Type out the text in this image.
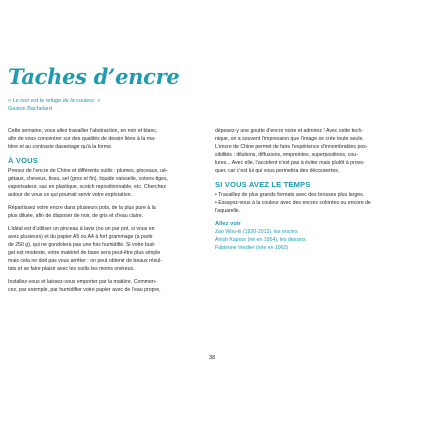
Taches d’encre
« Le noir est le refuge de la couleur. »
Gaston Bachelard

Cette semaine, vous allez travailler l’abstraction, en noir et blanc,
afin de vous concentrer sur des qualités de dessin liées à la ma-
tière et au contraste davantage qu’à la forme.

À VOUS

Prenez de l’encre de Chine et différents outils : plumes, pinceaux, ué-
gétaux, cheveux, tissu, sel (gros et fin), liquide vaisselle, cotons-tiges,
vaporisateur, sac en plastique, scotch repositionnable, etc. Cherchez
autour de vous ce qui pourrait servir votre exploration.

Répartissez votre encre dans plusieurs pots, de la plus pure à la
plus diluée, afin de disposer de noir, de gris et d’eau claire.

L’idéal est d’utiliser un pinceau à lavis (ou un par pot, si vous en
avez plusieurs) et du papier A5 ou A4 à fort grammage (à partir
de 250 g), qui ne gondolera pas une fois humidifié. Si votre bud-
get est modeste, votre matériel de base sera peut-être plus simple
mais cela ne doit pas vous arrêter : on peut obtenir de beaux résul-
tats et se faire plaisir avec les outils les moins onéreux.

Installez-vous et laissez-vous emporter par la matière. Commen-
cez, par exemple, par humidifier votre papier avec de l’eau propre,

déposez-y une goutte d’encre noire et admirez ! Avec cette tech-
nique, on a souvent l’impression que l’image se crée toute seule.
L’encre de Chine permet de faire l’expérience d’innombrables pos-
sibilités : dilutions, diffusions, empreintes, superpositions, cou-
lures... Avec elle, l’accident n’est pas à éviter mais plutôt à provo-
quer, car c’est lui qui vous permettra des découvertes.

SI VOUS AVEZ LE TEMPS

• Travaillez de plus grands formats avec des brosses plus larges.
• Essayez-vous à la couleur avec des encres colorées ou encore de
l’aquarelle.

Allez voir
Zao Wou-ki (1920-2013), les encres
Anish Kapoor (né en 1954), les dessins
Fabienne Verdier (née en 1962)
38
